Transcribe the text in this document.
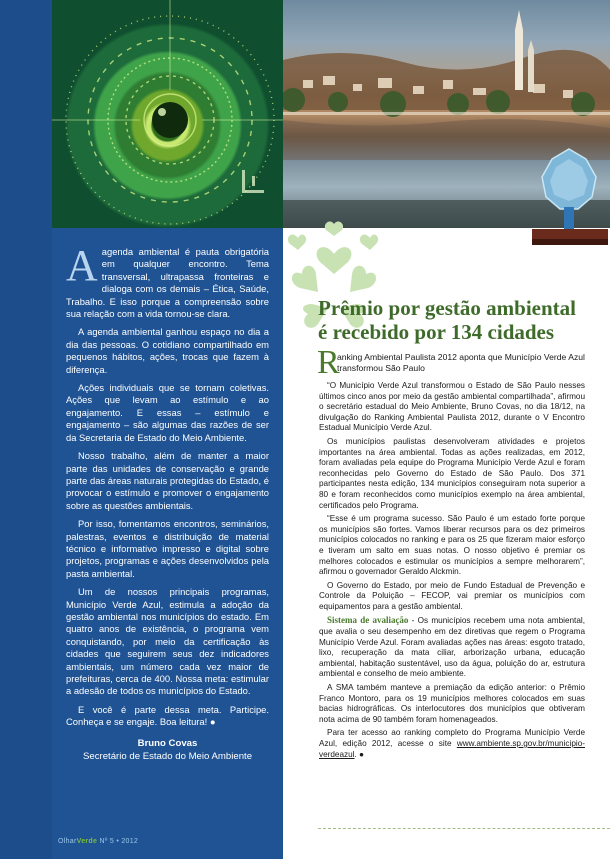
Aagenda ambiental é pauta obrigatória em qualquer encontro. Tema transversal, ultrapassa fronteiras e dialoga com os demais – Ética, Saúde, Trabalho. E isso porque a compreensão sobre sua relação com a vida tornou-se clara.

A agenda ambiental ganhou espaço no dia a dia das pessoas. O cotidiano compartilhado em pequenos hábitos, ações, trocas que fazem à diferença.

Ações individuais que se tornam coletivas. Ações que levam ao estímulo e ao engajamento. E essas – estímulo e engajamento – são algumas das razões de ser da Secretaria de Estado do Meio Ambiente.

Nosso trabalho, além de manter a maior parte das unidades de conservação e grande parte das áreas naturais protegidas do Estado, é provocar o estímulo e promover o engajamento sobre as questões ambientais.

Por isso, fomentamos encontros, seminários, palestras, eventos e distribuição de material técnico e informativo impresso e digital sobre projetos, programas e ações desenvolvidos pela pasta ambiental.

Um de nossos principais programas, Município Verde Azul, estimula a adoção da gestão ambiental nos municípios do estado. Em quatro anos de existência, o programa vem conquistando, por meio da certificação às cidades que seguirem seus dez indicadores ambientais, um número cada vez maior de prefeituras, cerca de 400. Nossa meta: estimular a adesão de todos os municípios do Estado.

E você é parte dessa meta. Participe. Conheça e se engaje. Boa leitura! ●

Bruno Covas
Secretário de Estado do Meio Ambiente
OlharVerde Nº 5 • 2012
Prêmio por gestão ambiental é recebido por 134 cidades
R
anking Ambiental Paulista 2012 aponta que Município Verde Azul transformou São Paulo

“O Município Verde Azul transformou o Estado de São Paulo nesses últimos cinco anos por meio da gestão ambiental compartilhada”, afirmou o secretário estadual do Meio Ambiente, Bruno Covas, no dia 18/12, na divulgação do Ranking Ambiental Paulista 2012, durante o V Encontro Estadual Município Verde Azul.

Os municípios paulistas desenvolveram atividades e projetos importantes na área ambiental. Todas as ações realizadas, em 2012, foram avaliadas pela equipe do Programa Município Verde Azul e foram reconhecidas pelo Governo do Estado de São Paulo. Dos 371 participantes nesta edição, 134 municípios conseguiram nota superior a 80 e foram reconhecidos como municípios exemplo na área ambiental, certificados pelo Programa.

“Esse é um programa sucesso. São Paulo é um estado forte porque os municípios são fortes. Vamos liberar recursos para os dez primeiros municípios colocados no ranking e para os 25 que fizeram maior esforço e tiveram um salto em suas notas. O nosso objetivo é premiar os melhores colocados e estimular os municípios a sempre melhorarem”, afirmou o governador Geraldo Alckmin.

O Governo do Estado, por meio de Fundo Estadual de Prevenção e Controle da Poluição – FECOP, vai premiar os municípios com equipamentos para a gestão ambiental.

Sistema de avaliação - Os municípios recebem uma nota ambiental, que avalia o seu desempenho em dez diretivas que regem o Programa Município Verde Azul. Foram avaliadas ações nas áreas: esgoto tratado, lixo, recuperação da mata ciliar, arborização urbana, educação ambiental, habitação sustentável, uso da água, poluição do ar, estrutura ambiental e conselho de meio ambiente.

A SMA também manteve a premiação da edição anterior: o Prêmio Franco Montoro, para os 19 municípios melhores colocados em suas bacias hidrográficas. Os interlocutores dos municípios que obtiveram nota acima de 90 também foram homenageados.

Para ter acesso ao ranking completo do Programa Município Verde Azul, edição 2012, acesse o site www.ambiente.sp.gov.br/municipio-verdeazul. ●
